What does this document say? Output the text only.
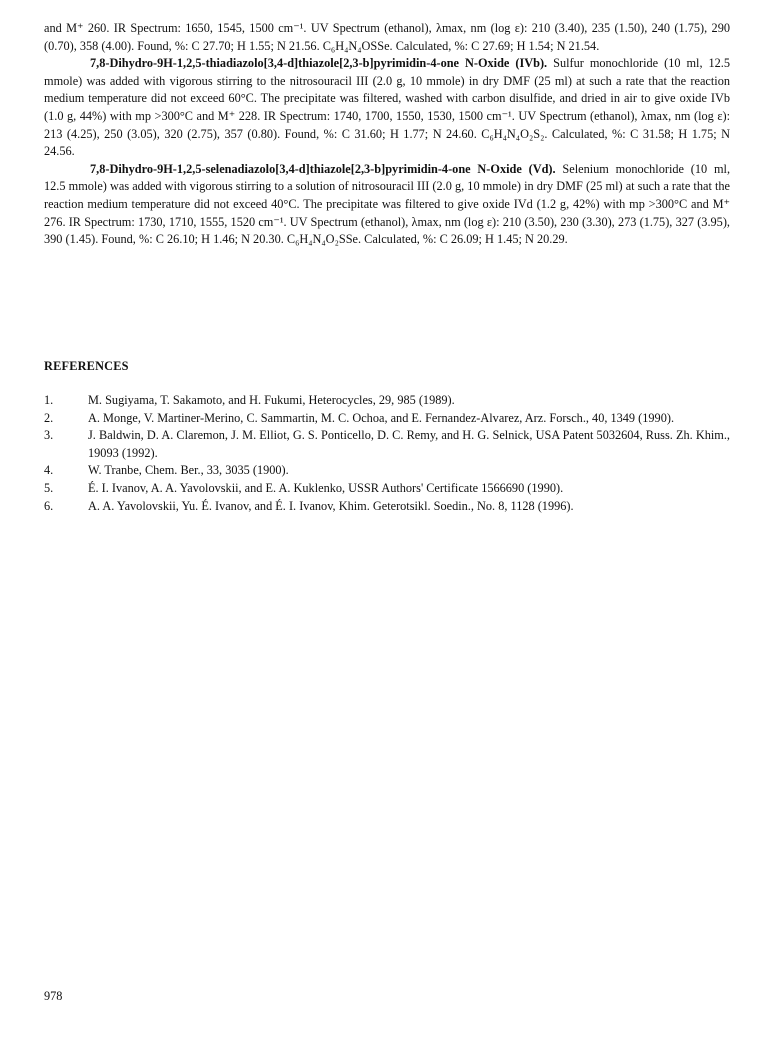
and M⁺ 260. IR Spectrum: 1650, 1545, 1500 cm⁻¹. UV Spectrum (ethanol), λmax, nm (log ε): 210 (3.40), 235 (1.50), 240 (1.75), 290 (0.70), 358 (4.00). Found, %: C 27.70; H 1.55; N 21.56. C₆H₄N₄OSSe. Calculated, %: C 27.69; H 1.54; N 21.54.

7,8-Dihydro-9H-1,2,5-thiadiazolo[3,4-d]thiazole[2,3-b]pyrimidin-4-one N-Oxide (IVb). Sulfur monochloride (10 ml, 12.5 mmole) was added with vigorous stirring to the nitrosouracil III (2.0 g, 10 mmole) in dry DMF (25 ml) at such a rate that the reaction medium temperature did not exceed 60°C. The precipitate was filtered, washed with carbon disulfide, and dried in air to give oxide IVb (1.0 g, 44%) with mp >300°C and M⁺ 228. IR Spectrum: 1740, 1700, 1550, 1530, 1500 cm⁻¹. UV Spectrum (ethanol), λmax, nm (log ε): 213 (4.25), 250 (3.05), 320 (2.75), 357 (0.80). Found, %: C 31.60; H 1.77; N 24.60. C₆H₄N₄O₂S₂. Calculated, %: C 31.58; H 1.75; N 24.56.

7,8-Dihydro-9H-1,2,5-selenadiazolo[3,4-d]thiazole[2,3-b]pyrimidin-4-one N-Oxide (Vd). Selenium monochloride (10 ml, 12.5 mmole) was added with vigorous stirring to a solution of nitrosouracil III (2.0 g, 10 mmole) in dry DMF (25 ml) at such a rate that the reaction medium temperature did not exceed 40°C. The precipitate was filtered to give oxide IVd (1.2 g, 42%) with mp >300°C and M⁺ 276. IR Spectrum: 1730, 1710, 1555, 1520 cm⁻¹. UV Spectrum (ethanol), λmax, nm (log ε): 210 (3.50), 230 (3.30), 273 (1.75), 327 (3.95), 390 (1.45). Found, %: C 26.10; H 1.46; N 20.30. C₆H₄N₄O₂SSe. Calculated, %: C 26.09; H 1.45; N 20.29.

REFERENCES
1.	M. Sugiyama, T. Sakamoto, and H. Fukumi, Heterocycles, 29, 985 (1989).
2.	A. Monge, V. Martiner-Merino, C. Sammartin, M. C. Ochoa, and E. Fernandez-Alvarez, Arz. Forsch., 40, 1349 (1990).
3.	J. Baldwin, D. A. Claremon, J. M. Elliot, G. S. Ponticello, D. C. Remy, and H. G. Selnick, USA Patent 5032604, Russ. Zh. Khim., 19093 (1992).
4.	W. Tranbe, Chem. Ber., 33, 3035 (1900).
5.	É. I. Ivanov, A. A. Yavolovskii, and E. A. Kuklenko, USSR Authors' Certificate 1566690 (1990).
6.	A. A. Yavolovskii, Yu. É. Ivanov, and É. I. Ivanov, Khim. Geterotsikl. Soedin., No. 8, 1128 (1996).
978
